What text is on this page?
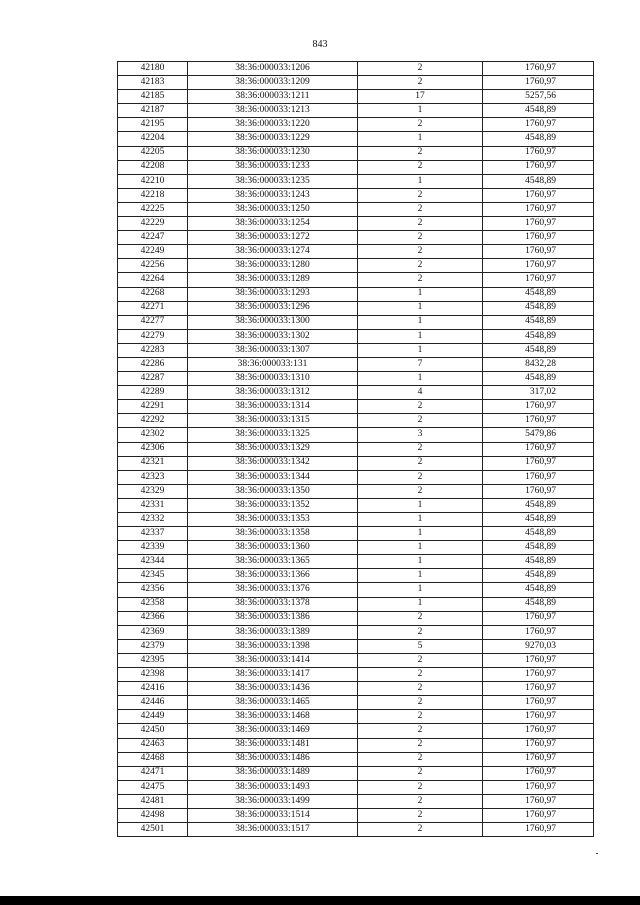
843
42180	38:36:000033:1206	2	1760,97
42183	38:36:000033:1209	2	1760,97
42185	38:36:000033:1211	17	5257,56
42187	38:36:000033:1213	1	4548,89
42195	38:36:000033:1220	2	1760,97
42204	38:36:000033:1229	1	4548,89
42205	38:36:000033:1230	2	1760,97
42208	38:36:000033:1233	2	1760,97
42210	38:36:000033:1235	1	4548,89
42218	38:36:000033:1243	2	1760,97
42225	38:36:000033:1250	2	1760,97
42229	38:36:000033:1254	2	1760,97
42247	38:36:000033:1272	2	1760,97
42249	38:36:000033:1274	2	1760,97
42256	38:36:000033:1280	2	1760,97
42264	38:36:000033:1289	2	1760,97
42268	38:36:000033:1293	1	4548,89
42271	38:36:000033:1296	1	4548,89
42277	38:36:000033:1300	1	4548,89
42279	38:36:000033:1302	1	4548,89
42283	38:36:000033:1307	1	4548,89
42286	38:36:000033:131	7	8432,28
42287	38:36:000033:1310	1	4548,89
42289	38:36:000033:1312	4	317,02
42291	38:36:000033:1314	2	1760,97
42292	38:36:000033:1315	2	1760,97
42302	38:36:000033:1325	3	5479,86
42306	38:36:000033:1329	2	1760,97
42321	38:36:000033:1342	2	1760,97
42323	38:36:000033:1344	2	1760,97
42329	38:36:000033:1350	2	1760,97
42331	38:36:000033:1352	1	4548,89
42332	38:36:000033:1353	1	4548,89
42337	38:36:000033:1358	1	4548,89
42339	38:36:000033:1360	1	4548,89
42344	38:36:000033:1365	1	4548,89
42345	38:36:000033:1366	1	4548,89
42356	38:36:000033:1376	1	4548,89
42358	38:36:000033:1378	1	4548,89
42366	38:36:000033:1386	2	1760,97
42369	38:36:000033:1389	2	1760,97
42379	38:36:000033:1398	5	9270,03
42395	38:36:000033:1414	2	1760,97
42398	38:36:000033:1417	2	1760,97
42416	38:36:000033:1436	2	1760,97
42446	38:36:000033:1465	2	1760,97
42449	38:36:000033:1468	2	1760,97
42450	38:36:000033:1469	2	1760,97
42463	38:36:000033:1481	2	1760,97
42468	38:36:000033:1486	2	1760,97
42471	38:36:000033:1489	2	1760,97
42475	38:36:000033:1493	2	1760,97
42481	38:36:000033:1499	2	1760,97
42498	38:36:000033:1514	2	1760,97
42501	38:36:000033:1517	2	1760,97
